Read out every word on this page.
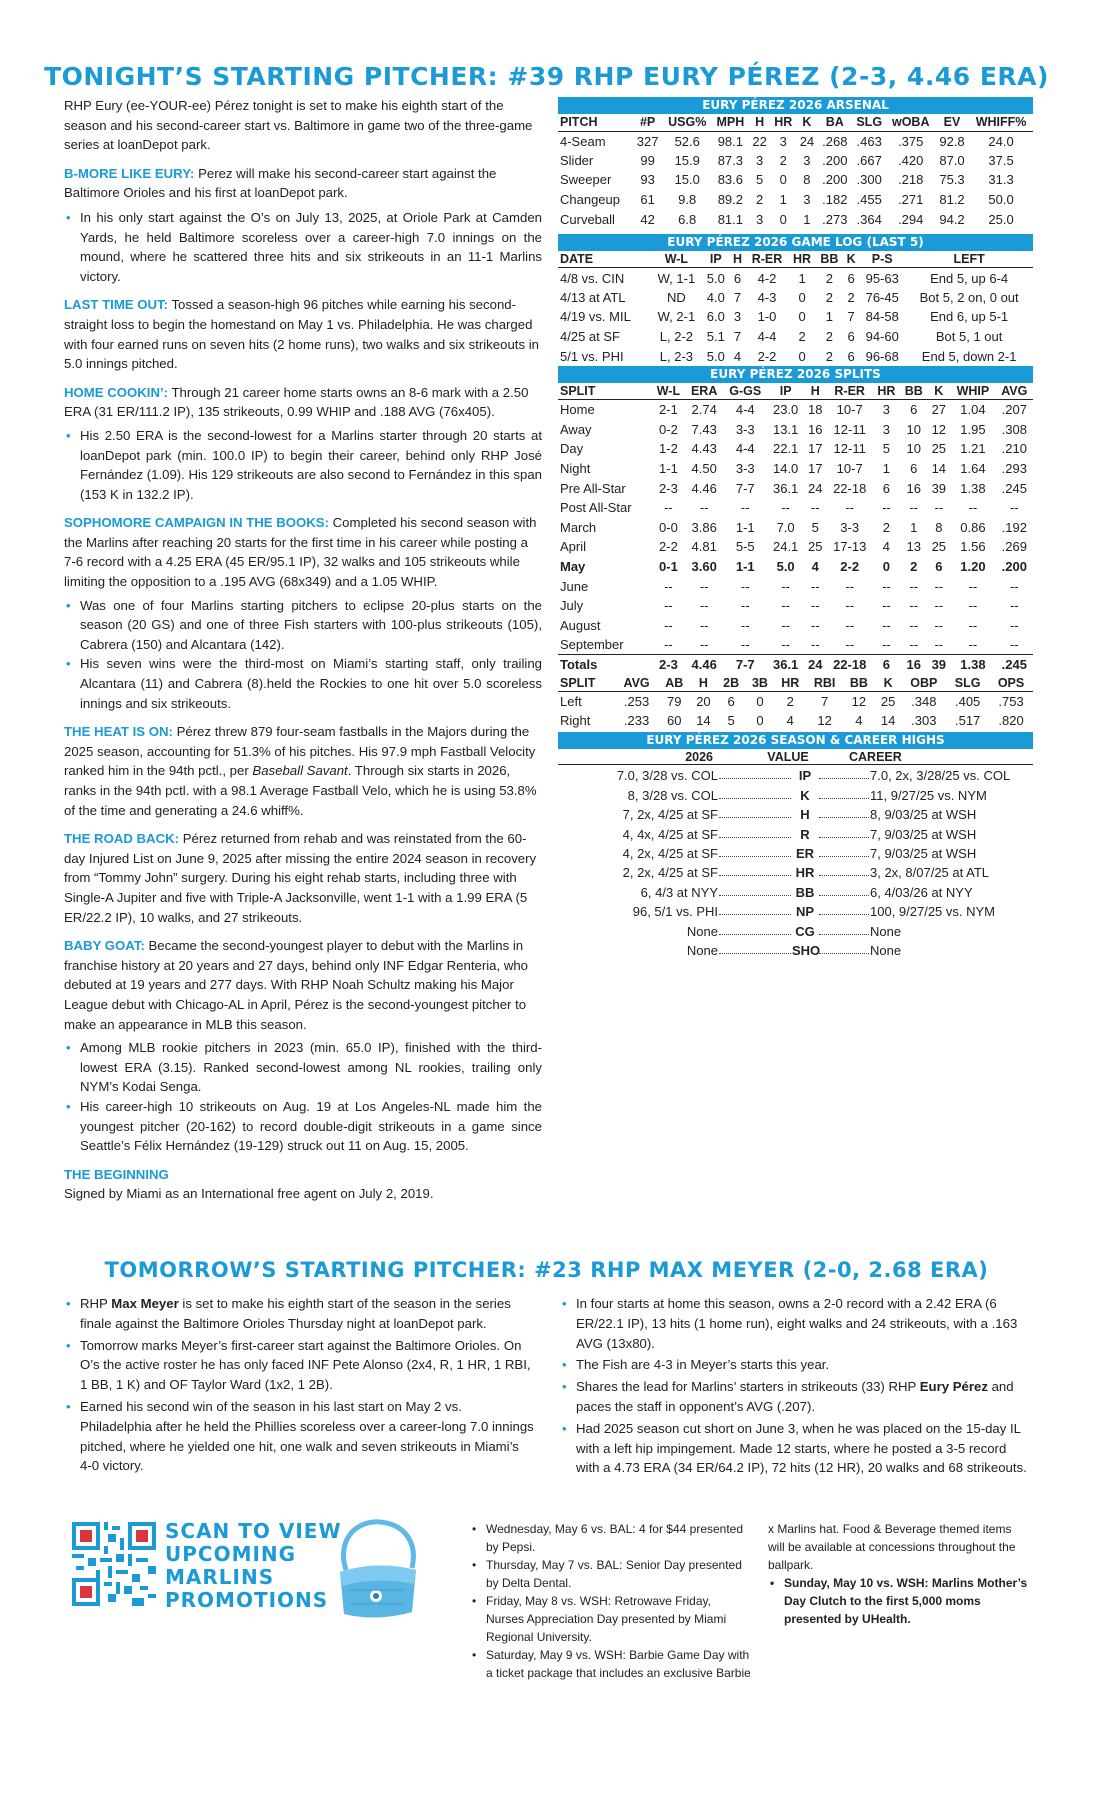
TONIGHT’S STARTING PITCHER: #39 RHP EURY PÉREZ (2-3, 4.46 ERA)

RHP Eury (ee-YOUR-ee) Pérez tonight is set to make his eighth start of the season and his second-career start vs. Baltimore in game two of the three-game series at loanDepot park.

B-MORE LIKE EURY: Perez will make his second-career start against the Baltimore Orioles and his first at loanDepot park.

• In his only start against the O’s on July 13, 2025, at Oriole Park at Camden Yards, he held Baltimore scoreless over a career-high 7.0 innings on the mound, where he scattered three hits and six strikeouts in an 11-1 Marlins victory.

LAST TIME OUT: Tossed a season-high 96 pitches while earning his second-straight loss to begin the homestand on May 1 vs. Philadelphia. He was charged with four earned runs on seven hits (2 home runs), two walks and six strikeouts in 5.0 innings pitched.

HOME COOKIN’: Through 21 career home starts owns an 8-6 mark with a 2.50 ERA (31 ER/111.2 IP), 135 strikeouts, 0.99 WHIP and .188 AVG (76x405).

• His 2.50 ERA is the second-lowest for a Marlins starter through 20 starts at loanDepot park (min. 100.0 IP) to begin their career, behind only RHP José Fernández (1.09). His 129 strikeouts are also second to Fernández in this span (153 K in 132.2 IP).

SOPHOMORE CAMPAIGN IN THE BOOKS: Completed his second season with the Marlins after reaching 20 starts for the first time in his career while posting a 7-6 record with a 4.25 ERA (45 ER/95.1 IP), 32 walks and 105 strikeouts while limiting the opposition to a .195 AVG (68x349) and a 1.05 WHIP.

• Was one of four Marlins starting pitchers to eclipse 20-plus starts on the season (20 GS) and one of three Fish starters with 100-plus strikeouts (105), Cabrera (150) and Alcantara (142).
• His seven wins were the third-most on Miami’s starting staff, only trailing Alcantara (11) and Cabrera (8).held the Rockies to one hit over 5.0 scoreless innings and six strikeouts.

THE HEAT IS ON: Pérez threw 879 four-seam fastballs in the Majors during the 2025 season, accounting for 51.3% of his pitches. His 97.9 mph Fastball Velocity ranked him in the 94th pctl., per Baseball Savant. Through six starts in 2026, ranks in the 94th pctl. with a 98.1 Average Fastball Velo, which he is using 53.8% of the time and generating a 24.6 whiff%.

THE ROAD BACK: Pérez returned from rehab and was reinstated from the 60-day Injured List on June 9, 2025 after missing the entire 2024 season in recovery from “Tommy John” surgery. During his eight rehab starts, including three with Single-A Jupiter and five with Triple-A Jacksonville, went 1-1 with a 1.99 ERA (5 ER/22.2 IP), 10 walks, and 27 strikeouts.

BABY GOAT: Became the second-youngest player to debut with the Marlins in franchise history at 20 years and 27 days, behind only INF Edgar Renteria, who debuted at 19 years and 277 days. With RHP Noah Schultz making his Major League debut with Chicago-AL in April, Pérez is the second-youngest pitcher to make an appearance in MLB this season.

• Among MLB rookie pitchers in 2023 (min. 65.0 IP), finished with the third-lowest ERA (3.15). Ranked second-lowest among NL rookies, trailing only NYM’s Kodai Senga.
• His career-high 10 strikeouts on Aug. 19 at Los Angeles-NL made him the youngest pitcher (20-162) to record double-digit strikeouts in a game since Seattle’s Félix Hernández (19-129) struck out 11 on Aug. 15, 2005.

THE BEGINNING
Signed by Miami as an International free agent on July 2, 2019.

EURY PÉREZ 2026 ARSENAL
PITCH	#P	USG%	MPH	H	HR	K	BA	SLG	wOBA	EV	WHIFF%
4-Seam	327	52.6	98.1	22	3	24	.268	.463	.375	92.8	24.0
Slider	99	15.9	87.3	3	2	3	.200	.667	.420	87.0	37.5
Sweeper	93	15.0	83.6	5	0	8	.200	.300	.218	75.3	31.3
Changeup	61	9.8	89.2	2	1	3	.182	.455	.271	81.2	50.0
Curveball	42	6.8	81.1	3	0	1	.273	.364	.294	94.2	25.0
EURY PÉREZ 2026 GAME LOG (LAST 5)
DATE	W-L	IP	H	R-ER	HR	BB	K	P-S	LEFT
4/8 vs. CIN	W, 1-1	5.0	6	4-2	1	2	6	95-63	End 5, up 6-4
4/13 at ATL	ND	4.0	7	4-3	0	2	2	76-45	Bot 5, 2 on, 0 out
4/19 vs. MIL	W, 2-1	6.0	3	1-0	0	1	7	84-58	End 6, up 5-1
4/25 at SF	L, 2-2	5.1	7	4-4	2	2	6	94-60	Bot 5, 1 out
5/1 vs. PHI	L, 2-3	5.0	4	2-2	0	2	6	96-68	End 5, down 2-1
EURY PÉREZ 2026 SPLITS
SPLIT	W-L	ERA	G-GS	IP	H	R-ER	HR	BB	K	WHIP	AVG
Home	2-1	2.74	4-4	23.0	18	10-7	3	6	27	1.04	.207
Away	0-2	7.43	3-3	13.1	16	12-11	3	10	12	1.95	.308
Day	1-2	4.43	4-4	22.1	17	12-11	5	10	25	1.21	.210
Night	1-1	4.50	3-3	14.0	17	10-7	1	6	14	1.64	.293
Pre All-Star	2-3	4.46	7-7	36.1	24	22-18	6	16	39	1.38	.245
Post All-Star	--	--	--	--	--	--	--	--	--	--	--
March	0-0	3.86	1-1	7.0	5	3-3	2	1	8	0.86	.192
April	2-2	4.81	5-5	24.1	25	17-13	4	13	25	1.56	.269
May	0-1	3.60	1-1	5.0	4	2-2	0	2	6	1.20	.200
June	--	--	--	--	--	--	--	--	--	--	--
July	--	--	--	--	--	--	--	--	--	--	--
August	--	--	--	--	--	--	--	--	--	--	--
September	--	--	--	--	--	--	--	--	--	--	--
Totals	2-3	4.46	7-7	36.1	24	22-18	6	16	39	1.38	.245
SPLIT	AVG	AB	H	2B	3B	HR	RBI	BB	K	OBP	SLG	OPS
Left	.253	79	20	6	0	2	7	12	25	.348	.405	.753
Right	.233	60	14	5	0	4	12	4	14	.303	.517	.820
EURY PÉREZ 2026 SEASON & CAREER HIGHS
2026	VALUE	CAREER
7.0, 3/28 vs. COL	IP	7.0, 2x, 3/28/25 vs. COL
8, 3/28 vs. COL	K	11, 9/27/25 vs. NYM
7, 2x, 4/25 at SF	H	8, 9/03/25 at WSH
4, 4x, 4/25 at SF	R	7, 9/03/25 at WSH
4, 2x, 4/25 at SF	ER	7, 9/03/25 at WSH
2, 2x, 4/25 at SF	HR	3, 2x, 8/07/25 at ATL
6, 4/3 at NYY	BB	6, 4/03/26 at NYY
96, 5/1 vs. PHI	NP	100, 9/27/25 vs. NYM
None	CG	None
None	SHO	None
TOMORROW’S STARTING PITCHER: #23 RHP MAX MEYER (2-0, 2.68 ERA)
• RHP Max Meyer is set to make his eighth start of the season in the series finale against the Baltimore Orioles Thursday night at loanDepot park.
• Tomorrow marks Meyer’s first-career start against the Baltimore Orioles. On O’s the active roster he has only faced INF Pete Alonso (2x4, R, 1 HR, 1 RBI, 1 BB, 1 K) and OF Taylor Ward (1x2, 1 2B).
• Earned his second win of the season in his last start on May 2 vs. Philadelphia after he held the Phillies scoreless over a career-long 7.0 innings pitched, where he yielded one hit, one walk and seven strikeouts in Miami’s 4-0 victory.
• In four starts at home this season, owns a 2-0 record with a 2.42 ERA (6 ER/22.1 IP), 13 hits (1 home run), eight walks and 24 strikeouts, with a .163 AVG (13x80).
• The Fish are 4-3 in Meyer’s starts this year.
• Shares the lead for Marlins’ starters in strikeouts (33) RHP Eury Pérez and paces the staff in opponent’s AVG (.207).
• Had 2025 season cut short on June 3, when he was placed on the 15-day IL with a left hip impingement. Made 12 starts, where he posted a 3-5 record with a 4.73 ERA (34 ER/64.2 IP), 72 hits (12 HR), 20 walks and 68 strikeouts.
SCAN TO VIEW
UPCOMING
MARLINS
PROMOTIONS
• Wednesday, May 6 vs. BAL: 4 for $44 presented by Pepsi.
• Thursday, May 7 vs. BAL: Senior Day presented by Delta Dental.
• Friday, May 8 vs. WSH: Retrowave Friday, Nurses Appreciation Day presented by Miami Regional University.
• Saturday, May 9 vs. WSH: Barbie Game Day with a ticket package that includes an exclusive Barbie
x Marlins hat. Food & Beverage themed items will be available at concessions throughout the ballpark.
• Sunday, May 10 vs. WSH: Marlins Mother’s Day Clutch to the first 5,000 moms presented by UHealth.
